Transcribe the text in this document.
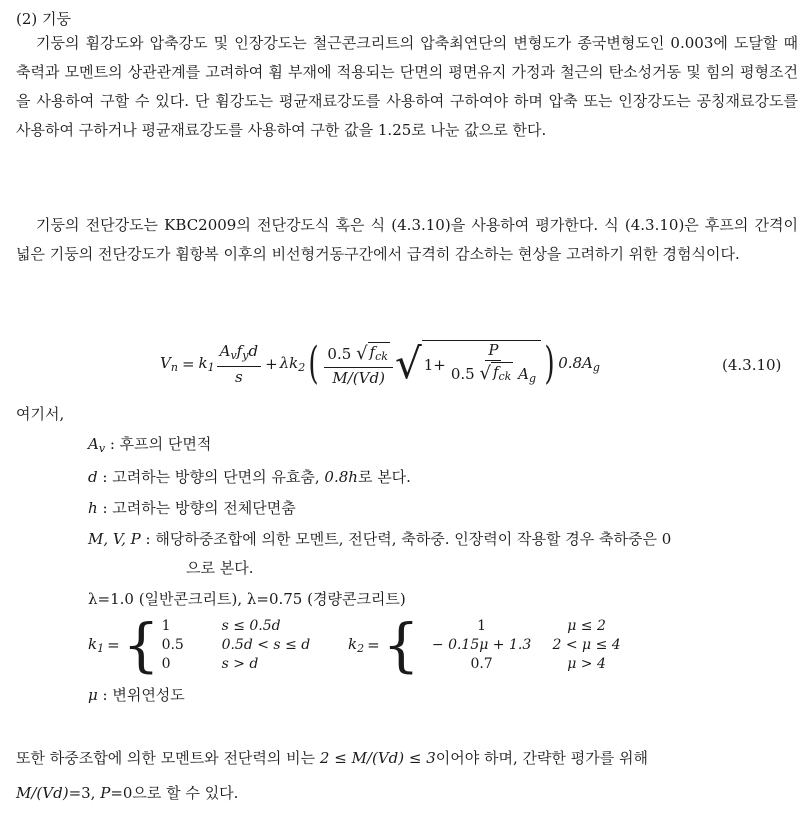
(2) 기둥
기둥의 휨강도와 압축강도 및 인장강도는 철근콘크리트의 압축최연단의 변형도가 종국변형도인 0.003에 도달할 때 축력과 모멘트의 상관관계를 고려하여 휨 부재에 적용되는 단면의 평면유지 가정과 철근의 탄소성거동 및 힘의 평형조건을 사용하여 구할 수 있다. 단 휨강도는 평균재료강도를 사용하여 구하여야 하며 압축 또는 인장강도는 공칭재료강도를 사용하여 구하거나 평균재료강도를 사용하여 구한 값을 1.25로 나눈 값으로 한다.
기둥의 전단강도는 KBC2009의 전단강도식 혹은 식 (4.3.10)을 사용하여 평가한다. 식 (4.3.10)은 후프의 간격이 넓은 기둥의 전단강도가 휨항복 이후의 비선형거동구간에서 급격히 감소하는 현상을 고려하기 위한 경험식이다.
$V_n = k_1 \frac{A_vf_yd}{s} + \lambda k_2$ ( $\frac{0.5 √ f_{ck}}{M/(Vd)}$ √ $1+ \frac{P}{0.5 √ f_{ck} A_g}$ ) $0.8A_g$	(4.3.10)
여기서,
$A_v$ : 후프의 단면적
d : 고려하는 방향의 단면의 유효춤, 0.8h로 본다.
h : 고려하는 방향의 전체단면춤
M, V, P : 해당하중조합에 의한 모멘트, 전단력, 축하중. 인장력이 작용할 경우 축하중은 0
으로 본다.
λ=1.0 (일반콘크리트), λ=0.75 (경량콘크리트)
$k_1$ = { 1	s ≤ 0.5d
0.5	0.5d < s ≤ d
0	s > d
$k_2$ = {	1	μ ≤ 2
− 0.15μ + 1.3	2 < μ ≤ 4
0.7	μ > 4
μ : 변위연성도
또한 하중조합에 의한 모멘트와 전단력의 비는 2 ≤ M/(Vd) ≤ 3이어야 하며, 간략한 평가를 위해
M/(Vd)=3, P=0으로 할 수 있다.
